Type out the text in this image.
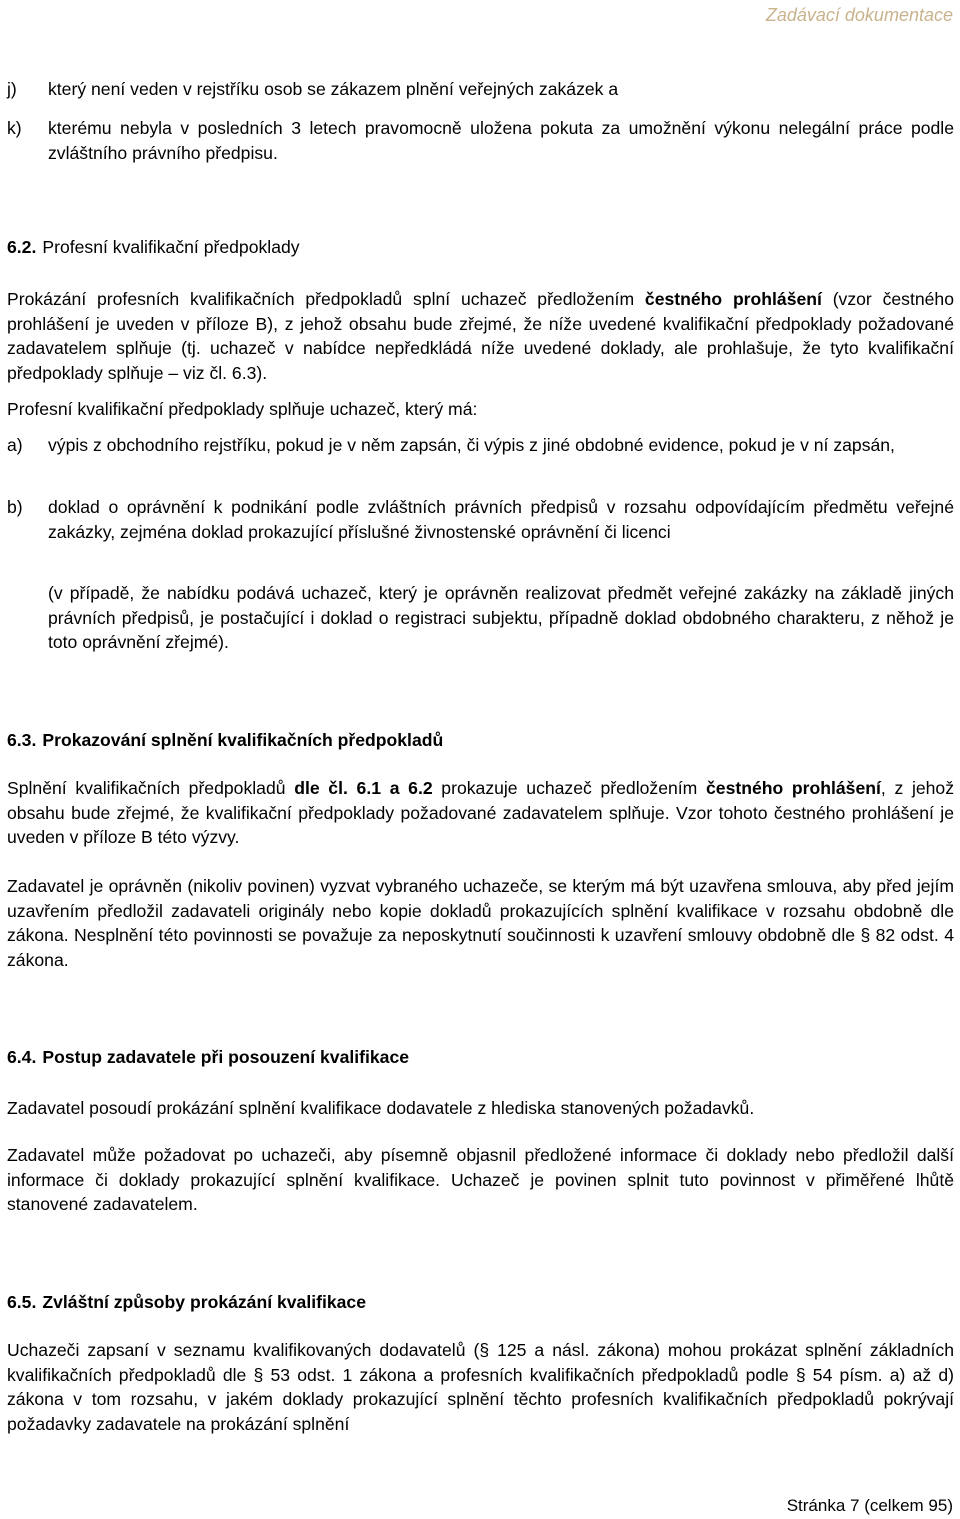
Zadávací dokumentace
j) který není veden v rejstříku osob se zákazem plnění veřejných zakázek a
k) kterému nebyla v posledních 3 letech pravomocně uložena pokuta za umožnění výkonu nelegální práce podle zvláštního právního předpisu.
6.2. Profesní kvalifikační předpoklady
Prokázání profesních kvalifikačních předpokladů splní uchazeč předložením čestného prohlášení (vzor čestného prohlášení je uveden v příloze B), z jehož obsahu bude zřejmé, že níže uvedené kvalifikační předpoklady požadované zadavatelem splňuje (tj. uchazeč v nabídce nepředkládá níže uvedené doklady, ale prohlašuje, že tyto kvalifikační předpoklady splňuje – viz čl. 6.3).
Profesní kvalifikační předpoklady splňuje uchazeč, který má:
a) výpis z obchodního rejstříku, pokud je v něm zapsán, či výpis z jiné obdobné evidence, pokud je v ní zapsán,
b) doklad o oprávnění k podnikání podle zvláštních právních předpisů v rozsahu odpovídajícím předmětu veřejné zakázky, zejména doklad prokazující příslušné živnostenské oprávnění či licenci
(v případě, že nabídku podává uchazeč, který je oprávněn realizovat předmět veřejné zakázky na základě jiných právních předpisů, je postačující i doklad o registraci subjektu, případně doklad obdobného charakteru, z něhož je toto oprávnění zřejmé).
6.3. Prokazování splnění kvalifikačních předpokladů
Splnění kvalifikačních předpokladů dle čl. 6.1 a 6.2 prokazuje uchazeč předložením čestného prohlášení, z jehož obsahu bude zřejmé, že kvalifikační předpoklady požadované zadavatelem splňuje. Vzor tohoto čestného prohlášení je uveden v příloze B této výzvy.
Zadavatel je oprávněn (nikoliv povinen) vyzvat vybraného uchazeče, se kterým má být uzavřena smlouva, aby před jejím uzavřením předložil zadavateli originály nebo kopie dokladů prokazujících splnění kvalifikace v rozsahu obdobně dle zákona. Nesplnění této povinnosti se považuje za neposkytnutí součinnosti k uzavření smlouvy obdobně dle § 82 odst. 4 zákona.
6.4. Postup zadavatele při posouzení kvalifikace
Zadavatel posoudí prokázání splnění kvalifikace dodavatele z hlediska stanovených požadavků.
Zadavatel může požadovat po uchazeči, aby písemně objasnil předložené informace či doklady nebo předložil další informace či doklady prokazující splnění kvalifikace. Uchazeč je povinen splnit tuto povinnost v přiměřené lhůtě stanovené zadavatelem.
6.5. Zvláštní způsoby prokázání kvalifikace
Uchazeči zapsaní v seznamu kvalifikovaných dodavatelů (§ 125 a násl. zákona) mohou prokázat splnění základních kvalifikačních předpokladů dle § 53 odst. 1 zákona a profesních kvalifikačních předpokladů podle § 54 písm. a) až d) zákona v tom rozsahu, v jakém doklady prokazující splnění těchto profesních kvalifikačních předpokladů pokrývají požadavky zadavatele na prokázání splnění
Stránka 7 (celkem 95)
